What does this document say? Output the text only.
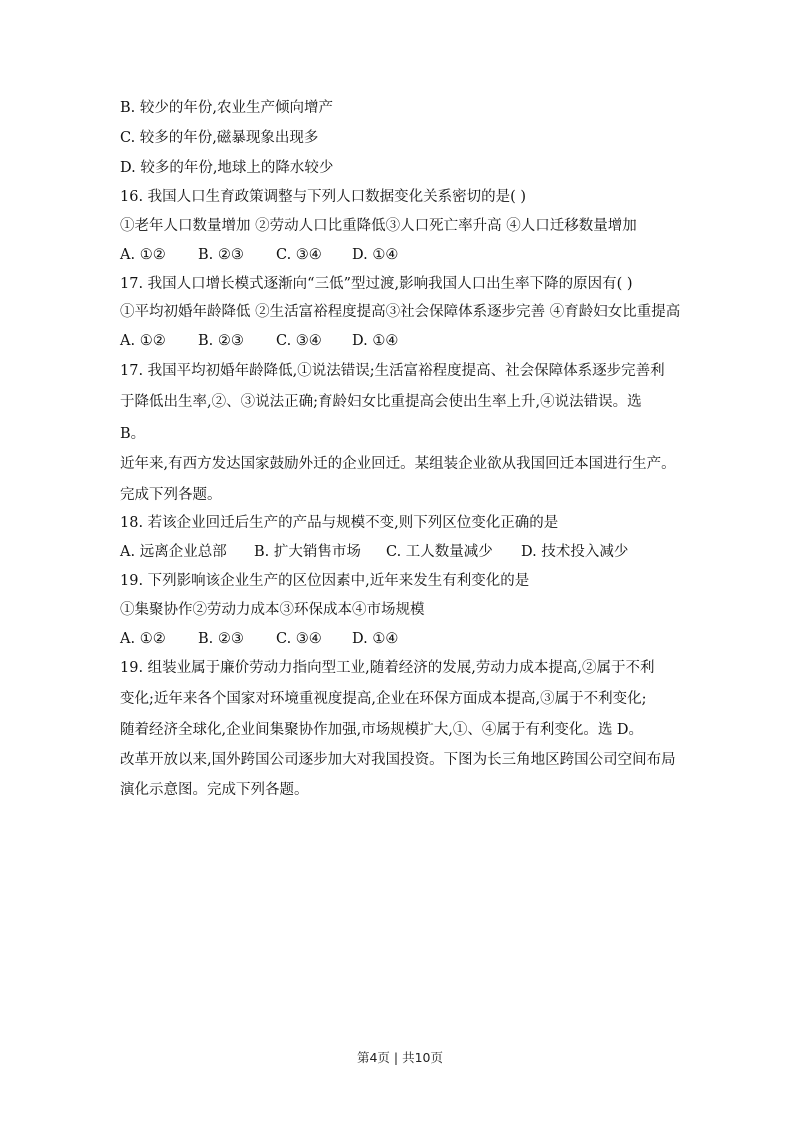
B. 较少的年份,农业生产倾向增产
C. 较多的年份,磁暴现象出现多
D. 较多的年份,地球上的降水较少
16. 我国人口生育政策调整与下列人口数据变化关系密切的是( )
①老年人口数量增加 ②劳动人口比重降低③人口死亡率升高 ④人口迁移数量增加
A. ①② B. ②③ C. ③④ D. ①④
17. 我国人口增长模式逐渐向“三低”型过渡,影响我国人口出生率下降的原因有( )
①平均初婚年龄降低 ②生活富裕程度提高③社会保障体系逐步完善 ④育龄妇女比重提高
A. ①② B. ②③ C. ③④ D. ①④
17. 我国平均初婚年龄降低,①说法错误;生活富裕程度提高、社会保障体系逐步完善利
于降低出生率,②、③说法正确;育龄妇女比重提高会使出生率上升,④说法错误。选
B。
近年来,有西方发达国家鼓励外迁的企业回迁。某组装企业欲从我国回迁本国进行生产。
完成下列各题。
18. 若该企业回迁后生产的产品与规模不变,则下列区位变化正确的是
A. 远离企业总部 B. 扩大销售市场 C. 工人数量减少 D. 技术投入减少
19. 下列影响该企业生产的区位因素中,近年来发生有利变化的是
①集聚协作②劳动力成本③环保成本④市场规模
A. ①② B. ②③ C. ③④ D. ①④
19. 组装业属于廉价劳动力指向型工业,随着经济的发展,劳动力成本提高,②属于不利
变化;近年来各个国家对环境重视度提高,企业在环保方面成本提高,③属于不利变化;
随着经济全球化,企业间集聚协作加强,市场规模扩大,①、④属于有利变化。选 D。
改革开放以来,国外跨国公司逐步加大对我国投资。下图为长三角地区跨国公司空间布局
演化示意图。完成下列各题。
第4页 | 共10页
